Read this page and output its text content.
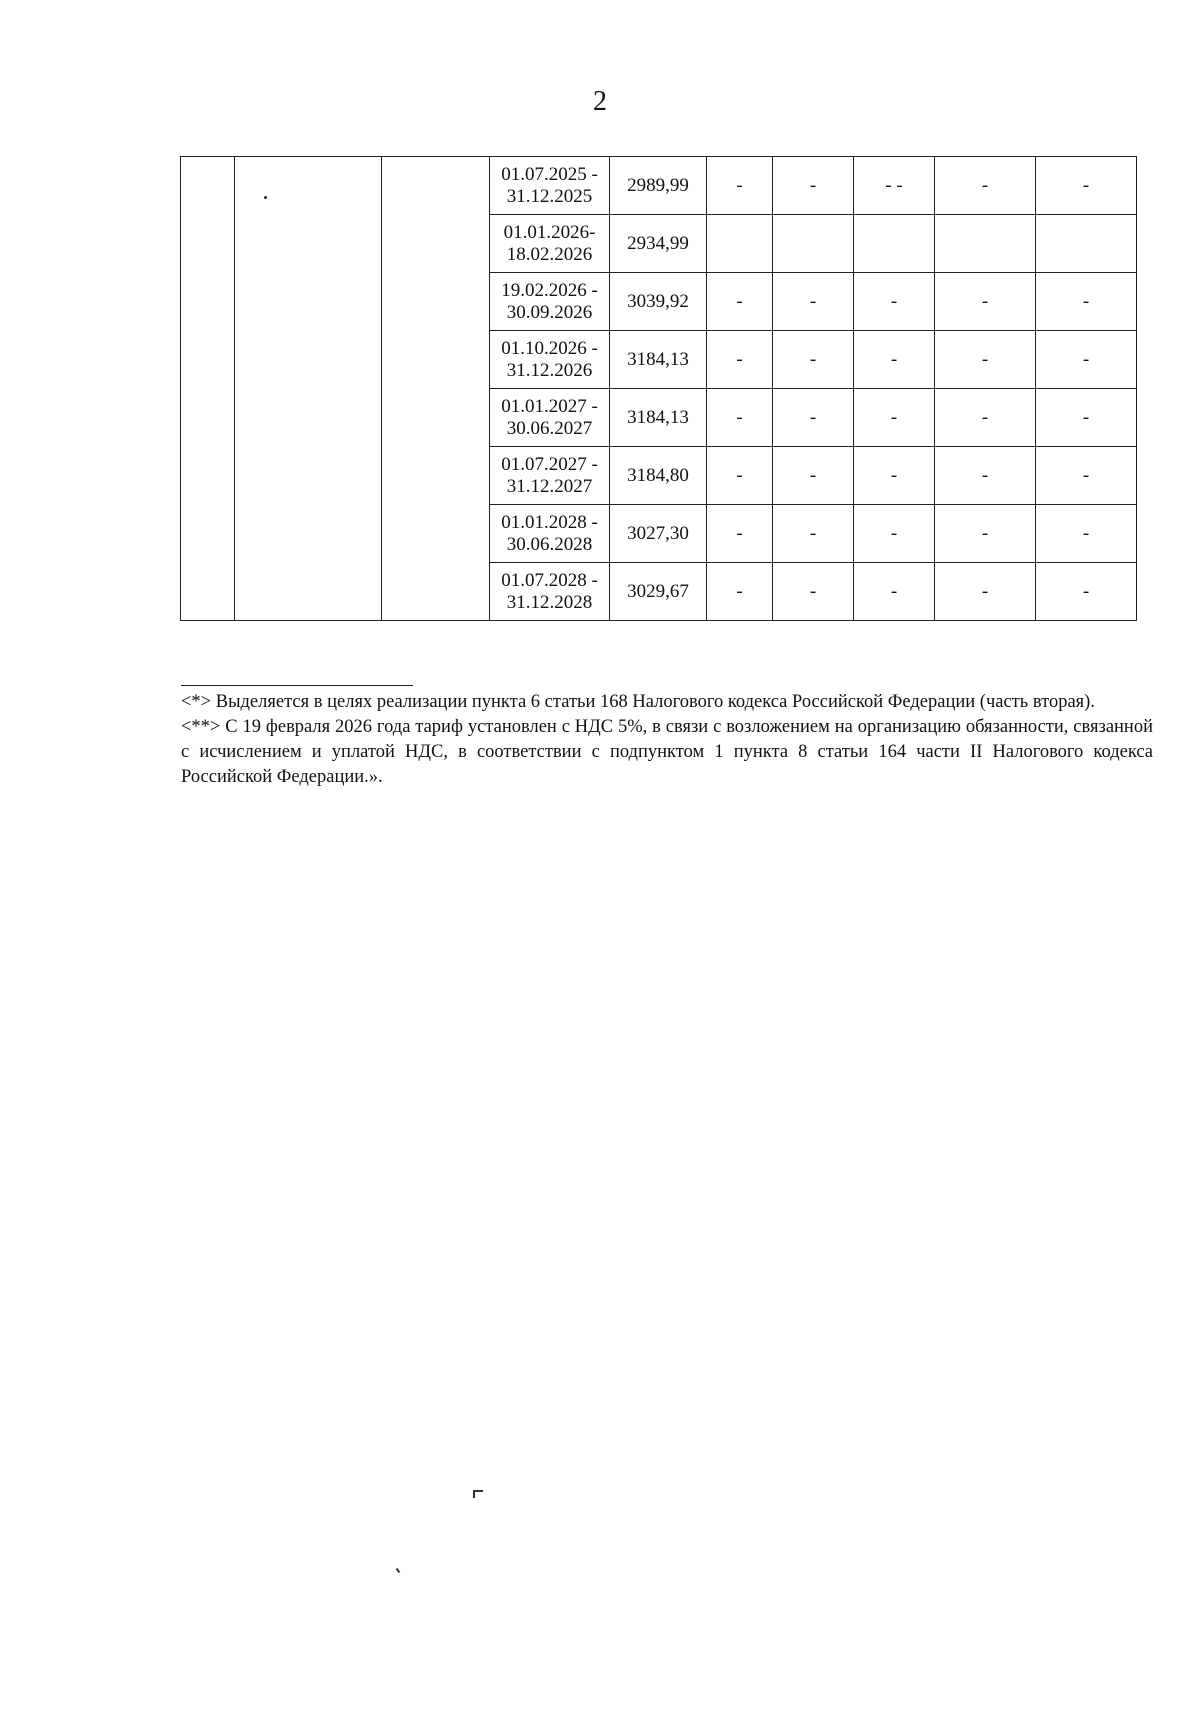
2

			01.07.2025 -
31.12.2025	2989,99	-	-	- -	-	-

			01.01.2026-
18.02.2026	2934,99					

			19.02.2026 -
30.09.2026	3039,92	-	-	-	-	-

			01.10.2026 -
31.12.2026	3184,13	-	-	-	-	-

			01.01.2027 -
30.06.2027	3184,13	-	-	-	-	-

			01.07.2027 -
31.12.2027	3184,80	-	-	-	-	-

			01.01.2028 -
30.06.2028	3027,30	-	-	-	-	-

			01.07.2028 -
31.12.2028	3029,67	-	-	-	-	-

<*> Выделяется в целях реализации пункта 6 статьи 168 Налогового кодекса Российской Федерации (часть вторая).

<**> С 19 февраля 2026 года тариф установлен с НДС 5%, в связи с возложением на организацию обязанности, связанной с исчислением и уплатой НДС, в соответствии с подпунктом 1 пункта 8 статьи 164 части II Налогового кодекса Российской Федерации.».
